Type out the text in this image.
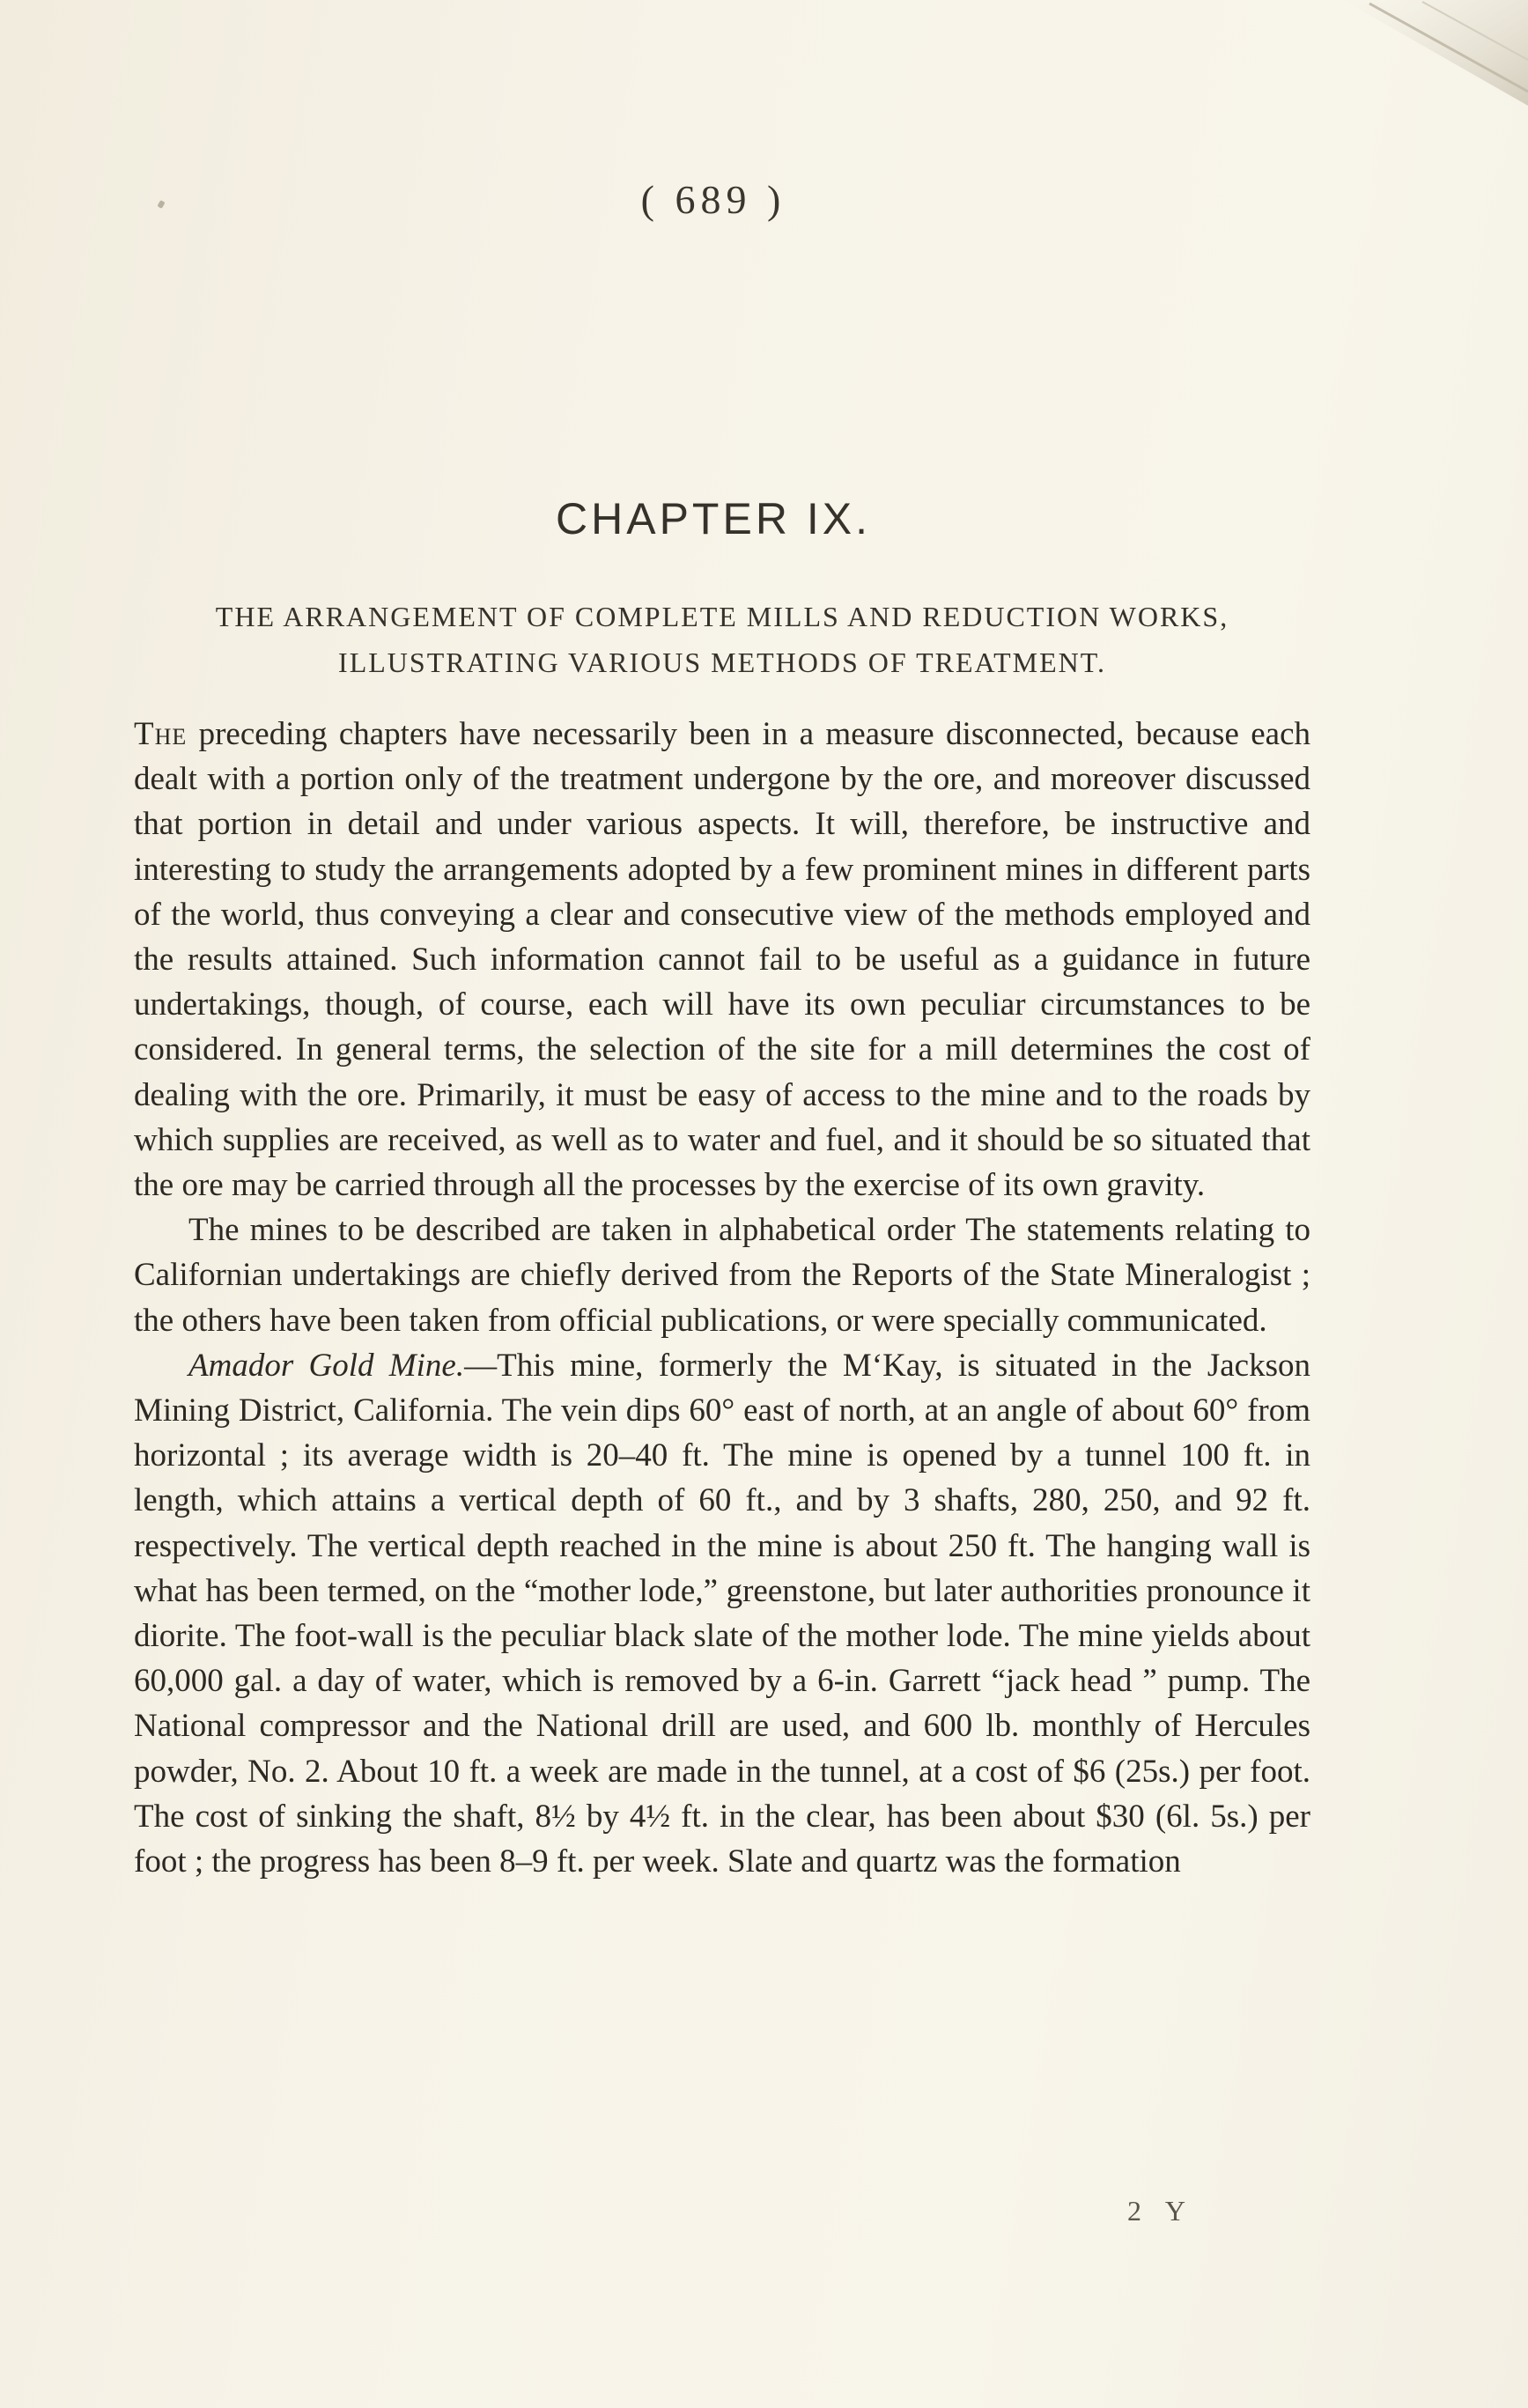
( 689 )
CHAPTER IX.
THE ARRANGEMENT OF COMPLETE MILLS AND REDUCTION WORKS, ILLUSTRATING VARIOUS METHODS OF TREATMENT.

The preceding chapters have necessarily been in a measure disconnected, because each dealt with a portion only of the treatment undergone by the ore, and moreover discussed that portion in detail and under various aspects. It will, therefore, be instructive and interesting to study the arrangements adopted by a few prominent mines in different parts of the world, thus conveying a clear and consecutive view of the methods employed and the results attained. Such information cannot fail to be useful as a guidance in future undertakings, though, of course, each will have its own peculiar circumstances to be considered. In general terms, the selection of the site for a mill determines the cost of dealing with the ore. Primarily, it must be easy of access to the mine and to the roads by which supplies are received, as well as to water and fuel, and it should be so situated that the ore may be carried through all the processes by the exercise of its own gravity.

The mines to be described are taken in alphabetical order The statements relating to Californian undertakings are chiefly derived from the Reports of the State Mineralogist ; the others have been taken from official publications, or were specially communicated.

Amador Gold Mine.—This mine, formerly the M‘Kay, is situated in the Jackson Mining District, California. The vein dips 60° east of north, at an angle of about 60° from horizontal ; its average width is 20–40 ft. The mine is opened by a tunnel 100 ft. in length, which attains a vertical depth of 60 ft., and by 3 shafts, 280, 250, and 92 ft. respectively. The vertical depth reached in the mine is about 250 ft. The hanging wall is what has been termed, on the “mother lode,” greenstone, but later authorities pronounce it diorite. The foot-wall is the peculiar black slate of the mother lode. The mine yields about 60,000 gal. a day of water, which is removed by a 6-in. Garrett “jack head ” pump. The National compressor and the National drill are used, and 600 lb. monthly of Hercules powder, No. 2. About 10 ft. a week are made in the tunnel, at a cost of $6 (25s.) per foot. The cost of sinking the shaft, 8½ by 4½ ft. in the clear, has been about $30 (6l. 5s.) per foot ; the progress has been 8–9 ft. per week. Slate and quartz was the formation

2 Y
